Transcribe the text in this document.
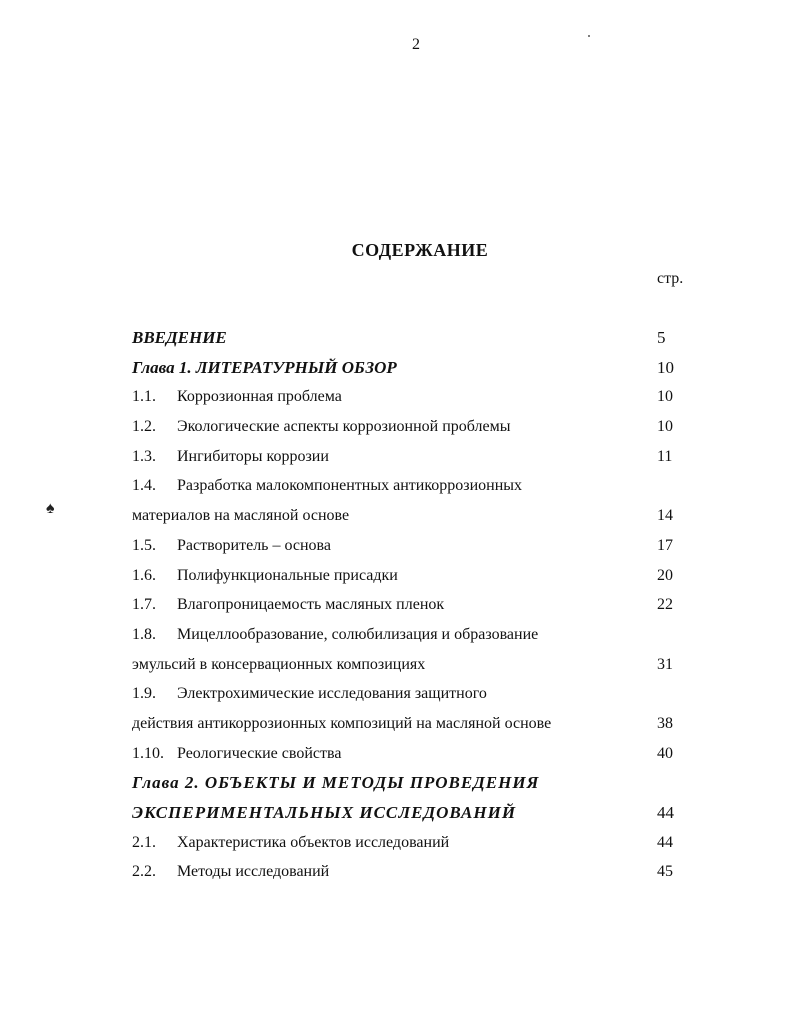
2
СОДЕРЖАНИЕ
стр.
♠
ВВЕДЕНИЕ	5
Глава 1. ЛИТЕРАТУРНЫЙ ОБЗОР	10
1.1. Коррозионная проблема	10
1.2. Экологические аспекты коррозионной проблемы	10
1.3. Ингибиторы коррозии	11
1.4. Разработка малокомпонентных антикоррозионных
материалов на масляной основе	14
1.5. Растворитель – основа	17
1.6. Полифункциональные присадки	20
1.7. Влагопроницаемость масляных пленок	22
1.8. Мицеллообразование, солюбилизация и образование
эмульсий в консервационных композициях	31
1.9. Электрохимические исследования защитного
действия антикоррозионных композиций на масляной основе	38
1.10. Реологические свойства	40
Глава 2. ОБЪЕКТЫ И МЕТОДЫ ПРОВЕДЕНИЯ
ЭКСПЕРИМЕНТАЛЬНЫХ ИССЛЕДОВАНИЙ	44
2.1. Характеристика объектов исследований	44
2.2. Методы исследований	45
